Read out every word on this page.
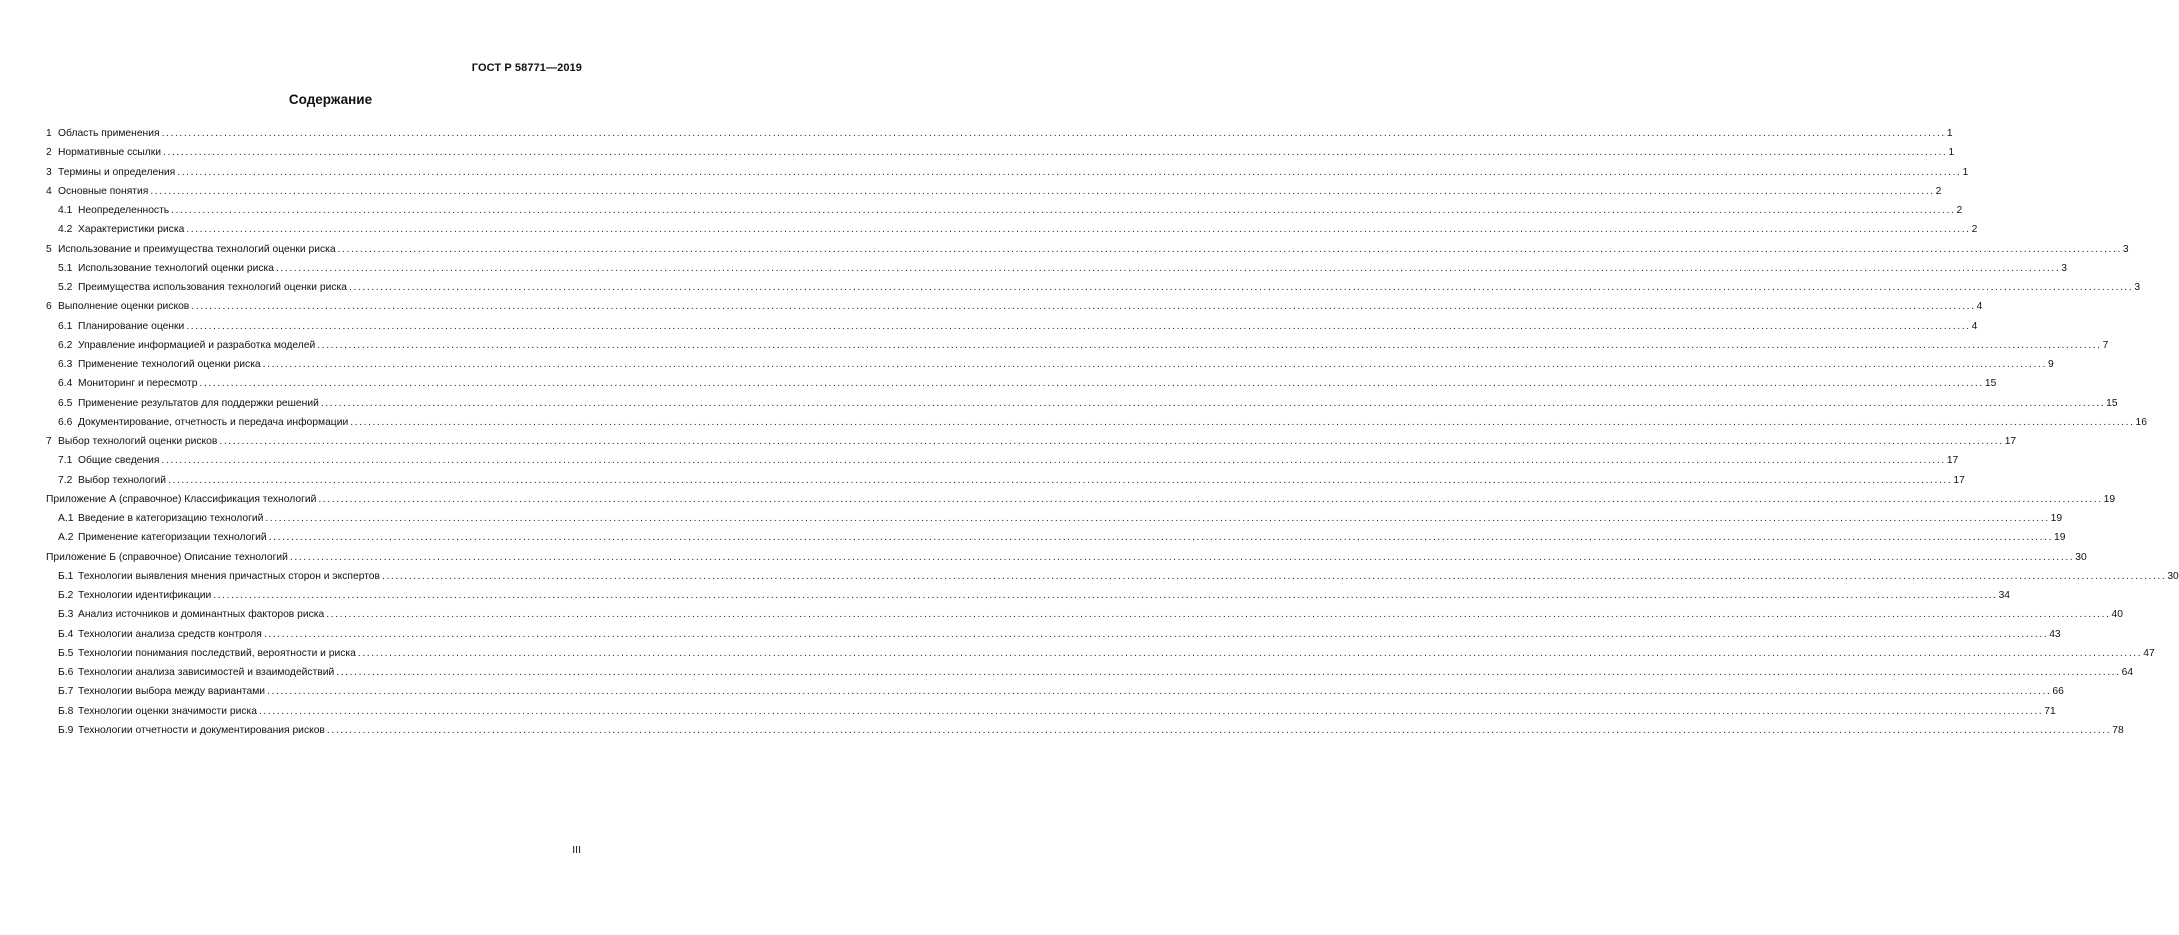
ГОСТ Р 58771—2019
Содержание
1 Область применения ................................................................................................................................................................................................................................................................................................................................................................................................................ 1
2 Нормативные ссылки ................................................................................................................................................................................................................................................................................................................................................................................................................ 1
3 Термины и определения ................................................................................................................................................................................................................................................................................................................................................................................................................ 1
4 Основные понятия ................................................................................................................................................................................................................................................................................................................................................................................................................ 2
4.1 Неопределенность ................................................................................................................................................................................................................................................................................................................................................................................................................ 2
4.2 Характеристики риска ................................................................................................................................................................................................................................................................................................................................................................................................................ 2
5 Использование и преимущества технологий оценки риска ................................................................................................................................................................................................................................................................................................................................................................................................................ 3
5.1 Использование технологий оценки риска ................................................................................................................................................................................................................................................................................................................................................................................................................ 3
5.2 Преимущества использования технологий оценки риска ................................................................................................................................................................................................................................................................................................................................................................................................................ 3
6 Выполнение оценки рисков ................................................................................................................................................................................................................................................................................................................................................................................................................ 4
6.1 Планирование оценки ................................................................................................................................................................................................................................................................................................................................................................................................................ 4
6.2 Управление информацией и разработка моделей ................................................................................................................................................................................................................................................................................................................................................................................................................ 7
6.3 Применение технологий оценки риска ................................................................................................................................................................................................................................................................................................................................................................................................................ 9
6.4 Мониторинг и пересмотр ................................................................................................................................................................................................................................................................................................................................................................................................................ 15
6.5 Применение результатов для поддержки решений ................................................................................................................................................................................................................................................................................................................................................................................................................ 15
6.6 Документирование, отчетность и передача информации ................................................................................................................................................................................................................................................................................................................................................................................................................ 16
7 Выбор технологий оценки рисков ................................................................................................................................................................................................................................................................................................................................................................................................................ 17
7.1 Общие сведения ................................................................................................................................................................................................................................................................................................................................................................................................................ 17
7.2 Выбор технологий ................................................................................................................................................................................................................................................................................................................................................................................................................ 17
Приложение А (справочное) Классификация технологий ................................................................................................................................................................................................................................................................................................................................................................................................................ 19
А.1 Введение в категоризацию технологий ................................................................................................................................................................................................................................................................................................................................................................................................................ 19
А.2 Применение категоризации технологий ................................................................................................................................................................................................................................................................................................................................................................................................................ 19
Приложение Б (справочное) Описание технологий ................................................................................................................................................................................................................................................................................................................................................................................................................ 30
Б.1 Технологии выявления мнения причастных сторон и экспертов ................................................................................................................................................................................................................................................................................................................................................................................................................ 30
Б.2 Технологии идентификации ................................................................................................................................................................................................................................................................................................................................................................................................................ 34
Б.3 Анализ источников и доминантных факторов риска ................................................................................................................................................................................................................................................................................................................................................................................................................ 40
Б.4 Технологии анализа средств контроля ................................................................................................................................................................................................................................................................................................................................................................................................................ 43
Б.5 Технологии понимания последствий, вероятности и риска ................................................................................................................................................................................................................................................................................................................................................................................................................ 47
Б.6 Технологии анализа зависимостей и взаимодействий ................................................................................................................................................................................................................................................................................................................................................................................................................ 64
Б.7 Технологии выбора между вариантами ................................................................................................................................................................................................................................................................................................................................................................................................................ 66
Б.8 Технологии оценки значимости риска ................................................................................................................................................................................................................................................................................................................................................................................................................ 71
Б.9 Технологии отчетности и документирования рисков ................................................................................................................................................................................................................................................................................................................................................................................................................ 78
III
